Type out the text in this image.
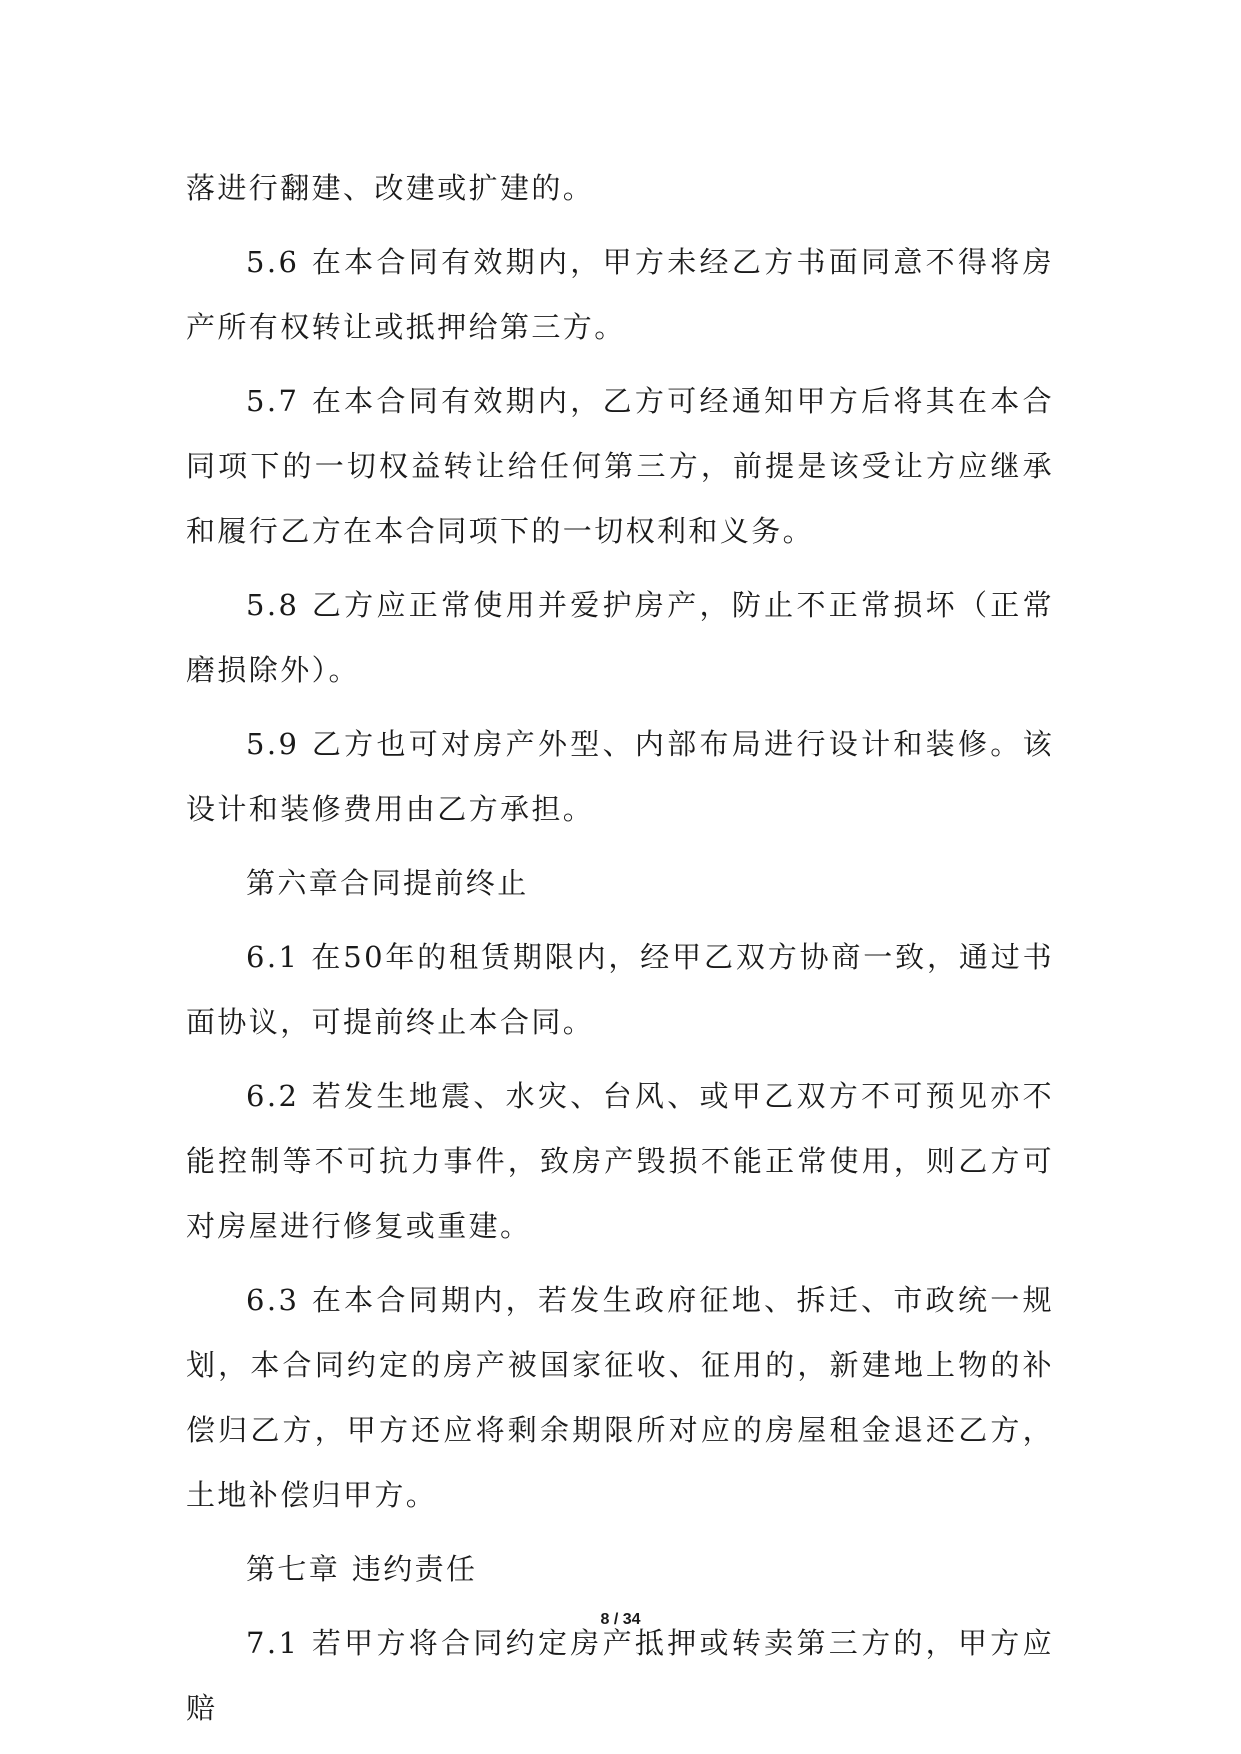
落进行翻建、改建或扩建的。

5.6 在本合同有效期内，甲方未经乙方书面同意不得将房产所有权转让或抵押给第三方。

5.7 在本合同有效期内，乙方可经通知甲方后将其在本合同项下的一切权益转让给任何第三方，前提是该受让方应继承和履行乙方在本合同项下的一切权利和义务。

5.8 乙方应正常使用并爱护房产，防止不正常损坏（正常磨损除外）。

5.9 乙方也可对房产外型、内部布局进行设计和装修。该设计和装修费用由乙方承担。

第六章合同提前终止

6.1 在50年的租赁期限内，经甲乙双方协商一致，通过书面协议，可提前终止本合同。

6.2 若发生地震、水灾、台风、或甲乙双方不可预见亦不能控制等不可抗力事件，致房产毁损不能正常使用，则乙方可对房屋进行修复或重建。

6.3 在本合同期内，若发生政府征地、拆迁、市政统一规划，本合同约定的房产被国家征收、征用的，新建地上物的补偿归乙方，甲方还应将剩余期限所对应的房屋租金退还乙方，土地补偿归甲方。

第七章 违约责任

7.1 若甲方将合同约定房产抵押或转卖第三方的，甲方应赔

8 / 34
